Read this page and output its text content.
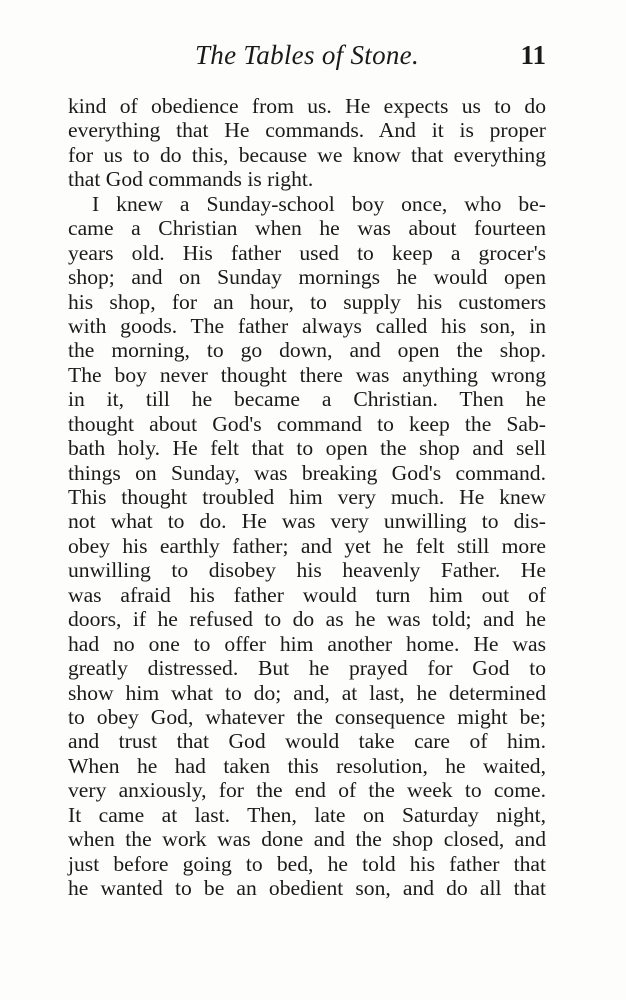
The Tables of Stone.	11
kind of obedience from us. He expects us to do
everything that He commands. And it is proper
for us to do this, because we know that everything
that God commands is right.
I knew a Sunday-school boy once, who be-
came a Christian when he was about fourteen
years old. His father used to keep a grocer's
shop; and on Sunday mornings he would open
his shop, for an hour, to supply his customers
with goods. The father always called his son, in
the morning, to go down, and open the shop.
The boy never thought there was anything wrong
in it, till he became a Christian. Then he
thought about God's command to keep the Sab-
bath holy. He felt that to open the shop and sell
things on Sunday, was breaking God's command.
This thought troubled him very much. He knew
not what to do. He was very unwilling to dis-
obey his earthly father; and yet he felt still more
unwilling to disobey his heavenly Father. He
was afraid his father would turn him out of
doors, if he refused to do as he was told; and he
had no one to offer him another home. He was
greatly distressed. But he prayed for God to
show him what to do; and, at last, he determined
to obey God, whatever the consequence might be;
and trust that God would take care of him.
When he had taken this resolution, he waited,
very anxiously, for the end of the week to come.
It came at last. Then, late on Saturday night,
when the work was done and the shop closed, and
just before going to bed, he told his father that
he wanted to be an obedient son, and do all that
